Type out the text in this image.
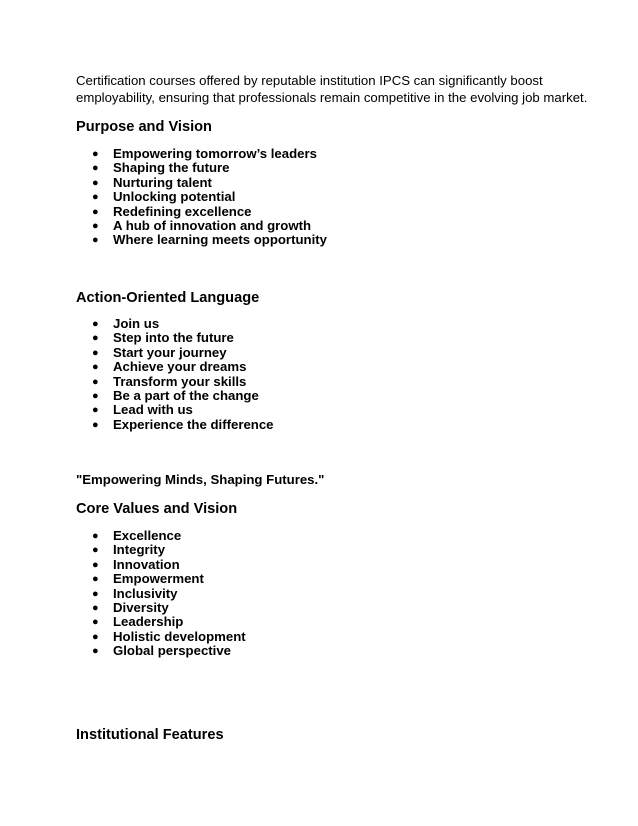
Certification courses offered by reputable institution IPCS can significantly boost employability, ensuring that professionals remain competitive in the evolving job market.

Purpose and Vision
● Empowering tomorrow’s leaders
● Shaping the future
● Nurturing talent
● Unlocking potential
● Redefining excellence
● A hub of innovation and growth
● Where learning meets opportunity
Action-Oriented Language
● Join us
● Step into the future
● Start your journey
● Achieve your dreams
● Transform your skills
● Be a part of the change
● Lead with us
● Experience the difference
"Empowering Minds, Shaping Futures."
Core Values and Vision
● Excellence
● Integrity
● Innovation
● Empowerment
● Inclusivity
● Diversity
● Leadership
● Holistic development
● Global perspective
Institutional Features
